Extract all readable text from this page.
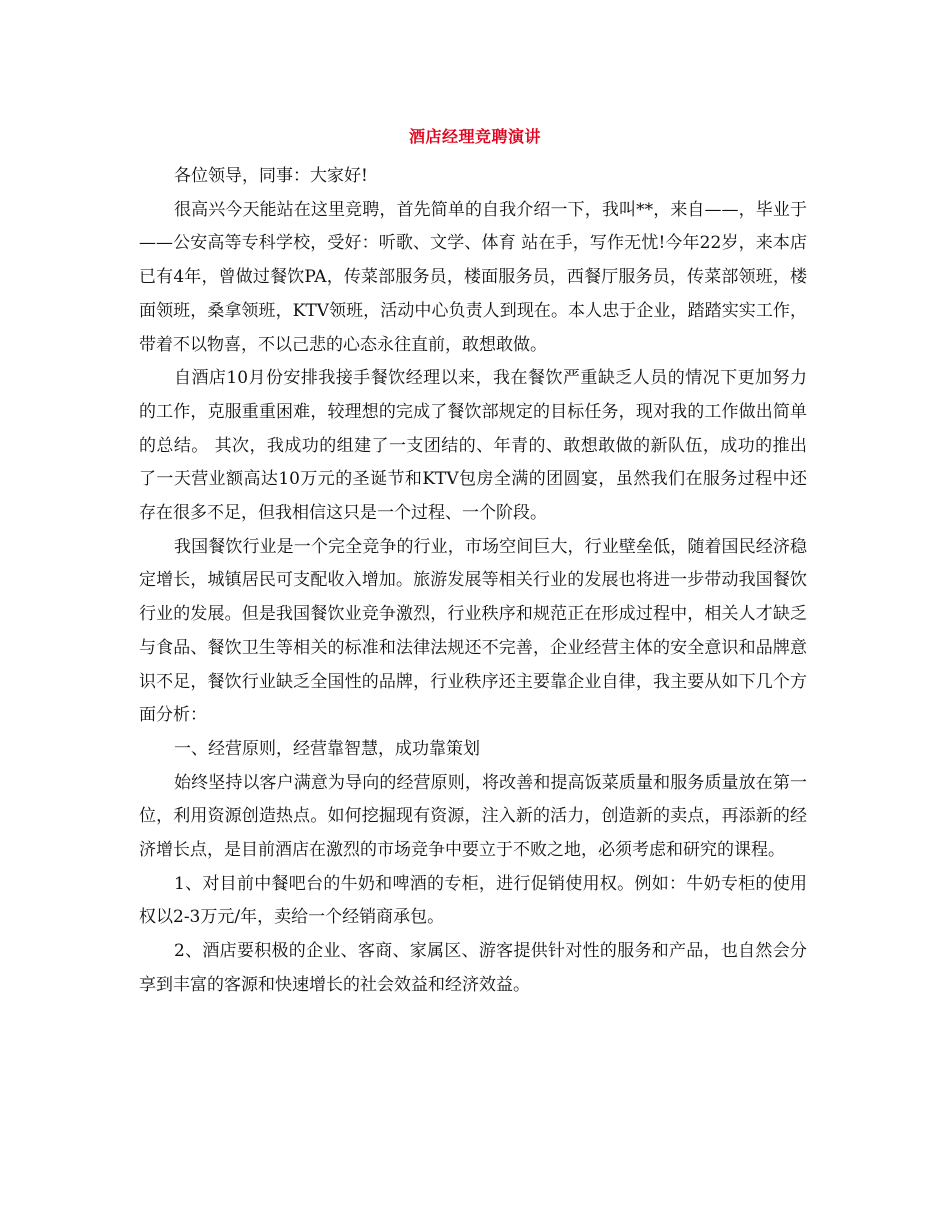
酒店经理竞聘演讲

各位领导，同事：大家好!

很高兴今天能站在这里竞聘，首先简单的自我介绍一下，我叫**，来自——，毕业于——公安高等专科学校，受好：听歌、文学、体育 站在手，写作无忧!今年22岁，来本店已有4年，曾做过餐饮PA，传菜部服务员，楼面服务员，西餐厅服务员，传菜部领班，楼面领班，桑拿领班，KTV领班，活动中心负责人到现在。本人忠于企业，踏踏实实工作，带着不以物喜，不以己悲的心态永往直前，敢想敢做。

自酒店10月份安排我接手餐饮经理以来，我在餐饮严重缺乏人员的情况下更加努力的工作，克服重重困难，较理想的完成了餐饮部规定的目标任务，现对我的工作做出简单的总结。 其次，我成功的组建了一支团结的、年青的、敢想敢做的新队伍，成功的推出了一天营业额高达10万元的圣诞节和KTV包房全满的团圆宴，虽然我们在服务过程中还存在很多不足，但我相信这只是一个过程、一个阶段。

我国餐饮行业是一个完全竞争的行业，市场空间巨大，行业壁垒低，随着国民经济稳定增长，城镇居民可支配收入增加。旅游发展等相关行业的发展也将进一步带动我国餐饮行业的发展。但是我国餐饮业竞争激烈，行业秩序和规范正在形成过程中，相关人才缺乏与食品、餐饮卫生等相关的标准和法律法规还不完善，企业经营主体的安全意识和品牌意识不足，餐饮行业缺乏全国性的品牌，行业秩序还主要靠企业自律，我主要从如下几个方面分析：

一、经营原则，经营靠智慧，成功靠策划

始终坚持以客户满意为导向的经营原则，将改善和提高饭菜质量和服务质量放在第一位，利用资源创造热点。如何挖掘现有资源，注入新的活力，创造新的卖点，再添新的经济增长点，是目前酒店在激烈的市场竞争中要立于不败之地，必须考虑和研究的课程。

1、对目前中餐吧台的牛奶和啤酒的专柜，进行促销使用权。例如：牛奶专柜的使用权以2-3万元/年，卖给一个经销商承包。

2、酒店要积极的企业、客商、家属区、游客提供针对性的服务和产品，也自然会分享到丰富的客源和快速增长的社会效益和经济效益。
